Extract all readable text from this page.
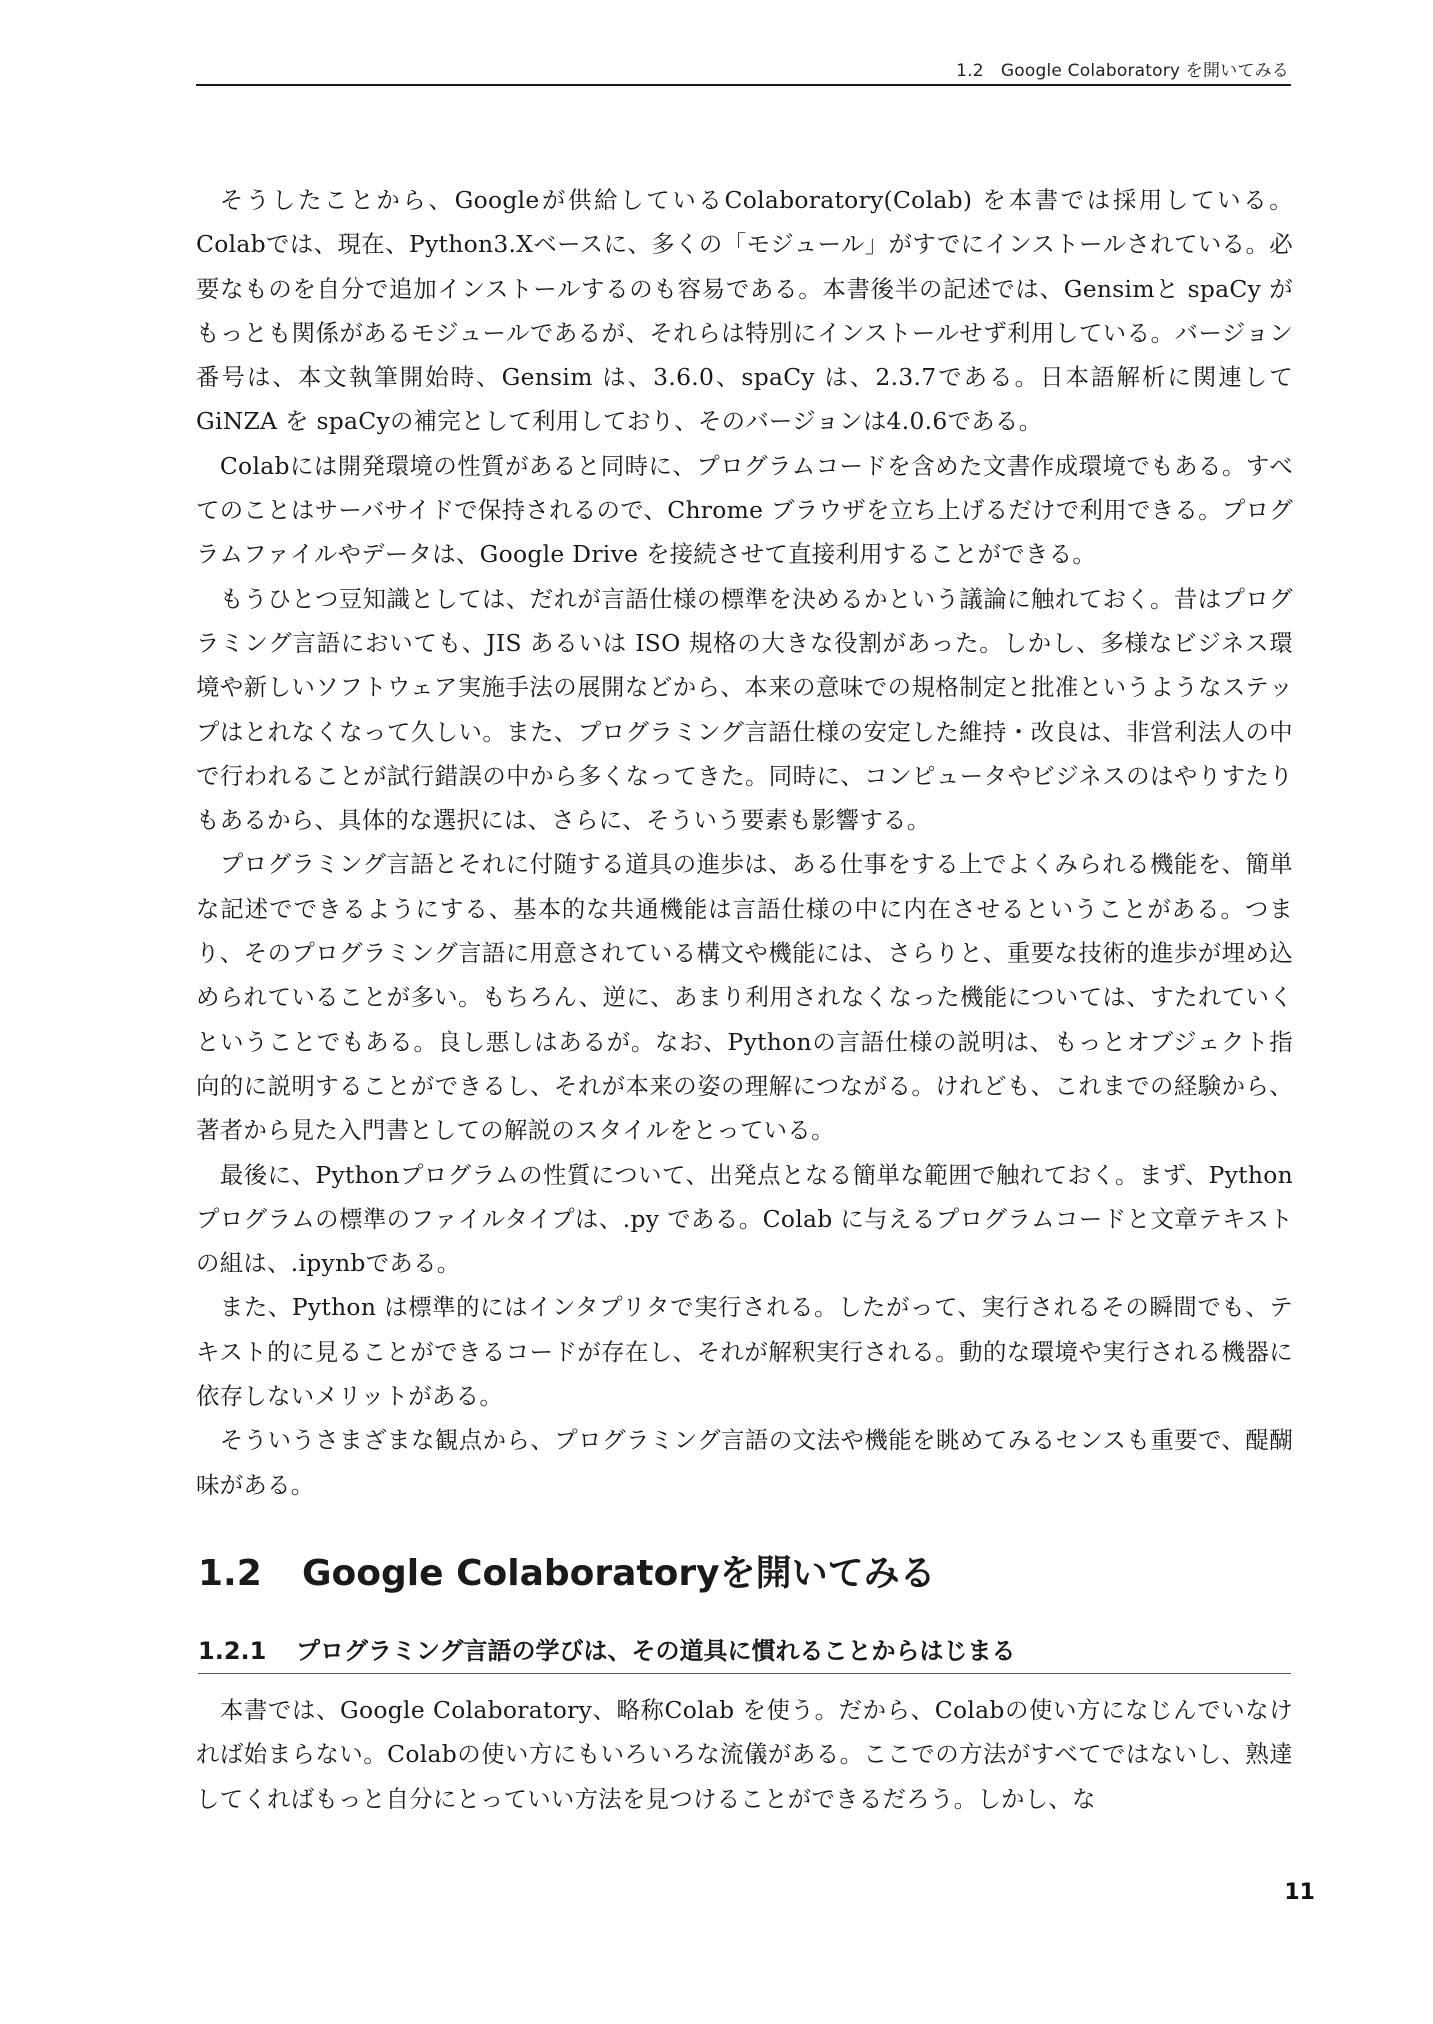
1.2　Google Colaboratory を開いてみる

そうしたことから、Googleが供給しているColaboratory(Colab) を本書では採用している。Colabでは、現在、Python3.Xベースに、多くの「モジュール」がすでにインストールされている。必要なものを自分で追加インストールするのも容易である。本書後半の記述では、Gensimと spaCy がもっとも関係があるモジュールであるが、それらは特別にインストールせず利用している。バージョン番号は、本文執筆開始時、Gensim は、3.6.0、spaCy は、2.3.7である。日本語解析に関連してGiNZA を spaCyの補完として利用しており、そのバージョンは4.0.6である。

Colabには開発環境の性質があると同時に、プログラムコードを含めた文書作成環境でもある。すべてのことはサーバサイドで保持されるので、Chrome ブラウザを立ち上げるだけで利用できる。プログラムファイルやデータは、Google Drive を接続させて直接利用することができる。

もうひとつ豆知識としては、だれが言語仕様の標準を決めるかという議論に触れておく。昔はプログラミング言語においても、JIS あるいは ISO 規格の大きな役割があった。しかし、多様なビジネス環境や新しいソフトウェア実施手法の展開などから、本来の意味での規格制定と批准というようなステップはとれなくなって久しい。また、プログラミング言語仕様の安定した維持・改良は、非営利法人の中で行われることが試行錯誤の中から多くなってきた。同時に、コンピュータやビジネスのはやりすたりもあるから、具体的な選択には、さらに、そういう要素も影響する。

プログラミング言語とそれに付随する道具の進歩は、ある仕事をする上でよくみられる機能を、簡単な記述でできるようにする、基本的な共通機能は言語仕様の中に内在させるということがある。つまり、そのプログラミング言語に用意されている構文や機能には、さらりと、重要な技術的進歩が埋め込められていることが多い。もちろん、逆に、あまり利用されなくなった機能については、すたれていくということでもある。良し悪しはあるが。なお、Pythonの言語仕様の説明は、もっとオブジェクト指向的に説明することができるし、それが本来の姿の理解につながる。けれども、これまでの経験から、著者から見た入門書としての解説のスタイルをとっている。

最後に、Pythonプログラムの性質について、出発点となる簡単な範囲で触れておく。まず、Python プログラムの標準のファイルタイプは、.py である。Colab に与えるプログラムコードと文章テキストの組は、.ipynbである。

また、Python は標準的にはインタプリタで実行される。したがって、実行されるその瞬間でも、テキスト的に見ることができるコードが存在し、それが解釈実行される。動的な環境や実行される機器に依存しないメリットがある。

そういうさまざまな観点から、プログラミング言語の文法や機能を眺めてみるセンスも重要で、醍醐味がある。

1.2 Google Colaboratoryを開いてみる
1.2.1 プログラミング言語の学びは、その道具に慣れることからはじまる

本書では、Google Colaboratory、略称Colab を使う。だから、Colabの使い方になじんでいなければ始まらない。Colabの使い方にもいろいろな流儀がある。ここでの方法がすべてではないし、熟達してくればもっと自分にとっていい方法を見つけることができるだろう。しかし、な

11
